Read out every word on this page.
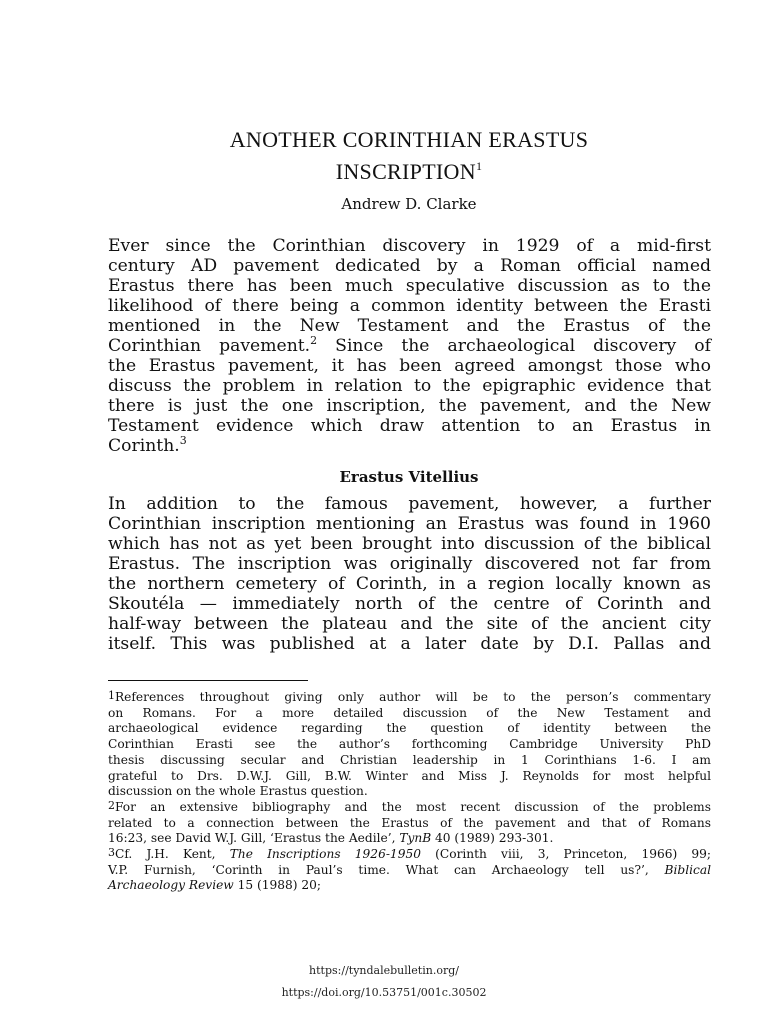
ANOTHER CORINTHIAN ERASTUS
INSCRIPTION$^1$
Andrew D. Clarke
Ever since the Corinthian discovery in 1929 of a mid-first
century AD pavement dedicated by a Roman official named
Erastus there has been much speculative discussion as to the
likelihood of there being a common identity between the Erasti
mentioned in the New Testament and the Erastus of the
Corinthian pavement.$^2$ Since the archaeological discovery of
the Erastus pavement, it has been agreed amongst those who
discuss the problem in relation to the epigraphic evidence that
there is just the one inscription, the pavement, and the New
Testament evidence which draw attention to an Erastus in
Corinth.$^3$
Erastus Vitellius
In addition to the famous pavement, however, a further
Corinthian inscription mentioning an Erastus was found in 1960
which has not as yet been brought into discussion of the biblical
Erastus. The inscription was originally discovered not far from
the northern cemetery of Corinth, in a region locally known as
Skoutéla — immediately north of the centre of Corinth and
half-way between the plateau and the site of the ancient city
itself. This was published at a later date by D.I. Pallas and
$^1$References throughout giving only author will be to the person’s commentary
on Romans. For a more detailed discussion of the New Testament and
archaeological evidence regarding the question of identity between the
Corinthian Erasti see the author’s forthcoming Cambridge University PhD
thesis discussing secular and Christian leadership in 1 Corinthians 1-6. I am
grateful to Drs. D.W.J. Gill, B.W. Winter and Miss J. Reynolds for most helpful
discussion on the whole Erastus question.
$^2$For an extensive bibliography and the most recent discussion of the problems
related to a connection between the Erastus of the pavement and that of Romans
16:23, see David W.J. Gill, ‘Erastus the Aedile’, TynB 40 (1989) 293-301.
$^3$Cf. J.H. Kent, The Inscriptions 1926-1950 (Corinth viii, 3, Princeton, 1966) 99;
V.P. Furnish, ‘Corinth in Paul’s time. What can Archaeology tell us?’, Biblical
Archaeology Review 15 (1988) 20;
https://tyndalebulletin.org/
https://doi.org/10.53751/001c.30502
